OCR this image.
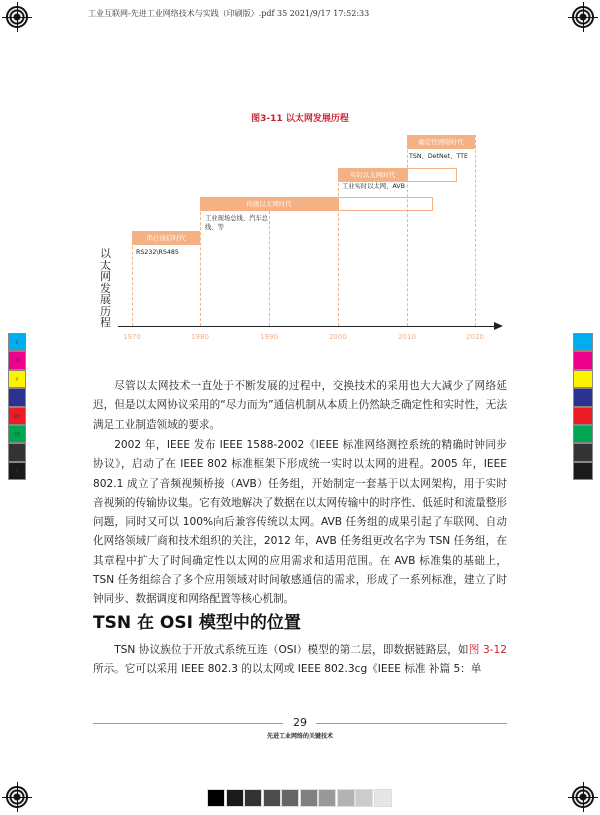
工业互联网-先进工业网络技术与实践（印刷版）.pdf 35 2021/9/17 17:52:33
C
M
Y
CM
MY
CY
CMY
K
图3-11 以太网发展历程
以太网发展历程
1970	1980	1990	2000	2010	2020
串行通信时代
传统以太网时代
实时以太网时代
确定性网络时代
RS232\RS485
工业现场总线、汽车总线、等
工业实时以太网、AVB
TSN、DetNet、TTE

尽管以太网技术一直处于不断发展的过程中，交换技术的采用也大大减少了网络延迟，但是以太网协议采用的“尽力而为”通信机制从本质上仍然缺乏确定性和实时性，无法满足工业制造领域的要求。

2002 年，IEEE 发布 IEEE 1588-2002《IEEE 标准网络测控系统的精确时钟同步协议》，启动了在 IEEE 802 标准框架下形成统一实时以太网的进程。2005 年，IEEE 802.1 成立了音频视频桥接（AVB）任务组，开始制定一套基于以太网架构，用于实时音视频的传输协议集。它有效地解决了数据在以太网传输中的时序性、低延时和流量整形问题，同时又可以 100%向后兼容传统以太网。AVB 任务组的成果引起了车联网、自动化网络领域厂商和技术组织的关注，2012 年，AVB 任务组更改名字为 TSN 任务组，在其章程中扩大了时间确定性以太网的应用需求和适用范围。在 AVB 标准集的基础上，TSN 任务组综合了多个应用领域对时间敏感通信的需求，形成了一系列标准，建立了时钟同步、数据调度和网络配置等核心机制。

TSN 在 OSI 模型中的位置

TSN 协议族位于开放式系统互连（OSI）模型的第二层，即数据链路层，如图 3-12 所示。它可以采用 IEEE 802.3 的以太网或 IEEE 802.3cg《IEEE 标准 补篇 5：单

29
先进工业网络的关键技术
